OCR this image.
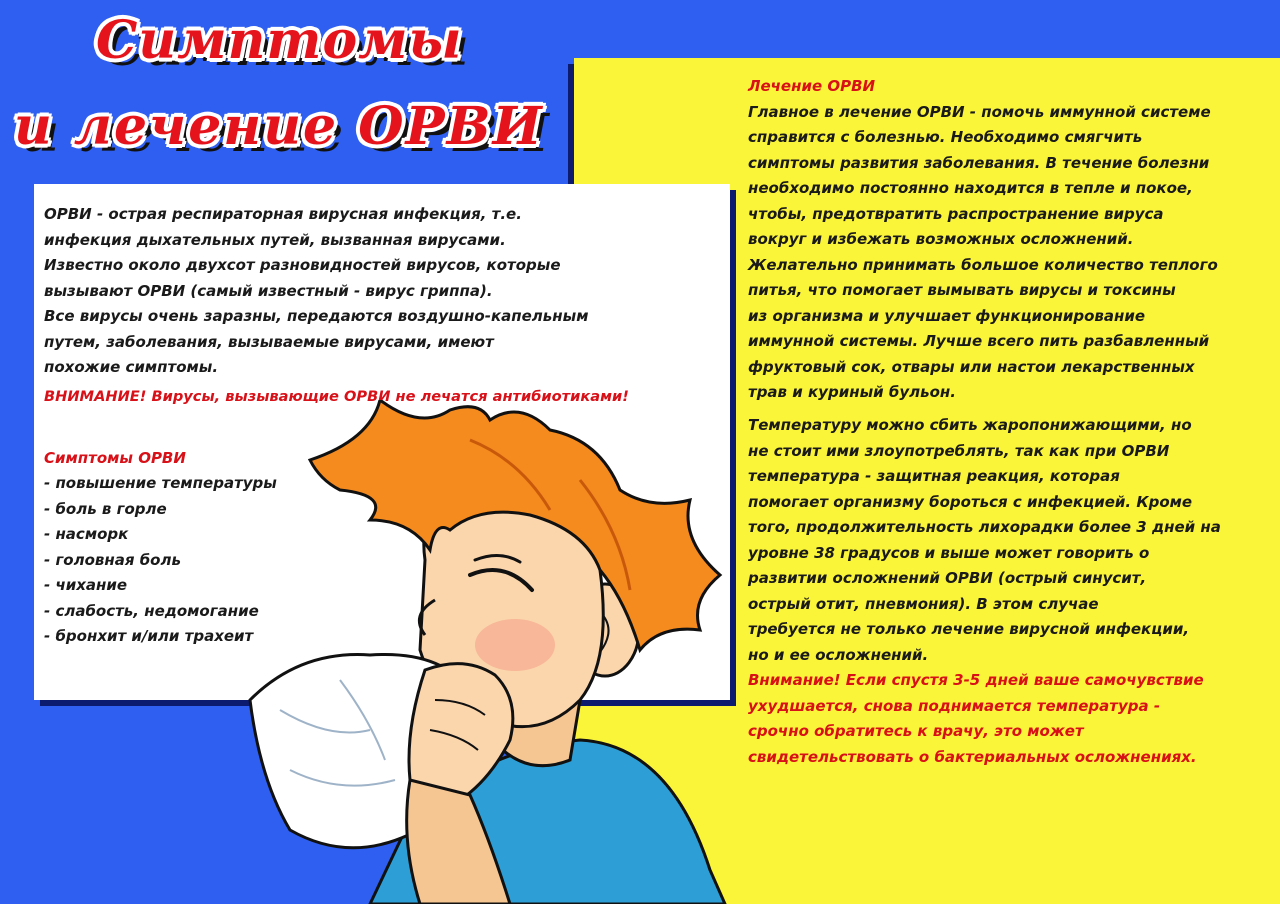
Симптомы
и лечение ОРВИ
ОРВИ - острая респираторная вирусная инфекция, т.е.
инфекция дыхательных путей, вызванная вирусами.
Известно около двухсот разновидностей вирусов, которые
вызывают ОРВИ (самый известный - вирус гриппа).
Все вирусы очень заразны, передаются воздушно-капельным
путем, заболевания, вызываемые вирусами, имеют
похожие симптомы.
ВНИМАНИЕ! Вирусы, вызывающие ОРВИ не лечатся антибиотиками!
Симптомы ОРВИ
- повышение температуры
- боль в горле
- насморк
- головная боль
- чихание
- слабость, недомогание
- бронхит и/или трахеит
Лечение ОРВИ
Главное в лечение ОРВИ - помочь иммунной системе
справится с болезнью. Необходимо смягчить
симптомы развития заболевания. В течение болезни
необходимо постоянно находится в тепле и покое,
чтобы, предотвратить распространение вируса
вокруг и избежать возможных осложнений.
Желательно принимать большое количество теплого
питья, что помогает вымывать вирусы и токсины
из организма и улучшает функционирование
иммунной системы. Лучше всего пить разбавленный
фруктовый сок, отвары или настои лекарственных
трав и куриный бульон.
Температуру можно сбить жаропонижающими, но
не стоит ими злоупотреблять, так как при ОРВИ
температура - защитная реакция, которая
помогает организму бороться с инфекцией. Кроме
того, продолжительность лихорадки более 3 дней на
уровне 38 градусов и выше может говорить о
развитии осложнений ОРВИ (острый синусит,
острый отит, пневмония). В этом случае
требуется не только лечение вирусной инфекции,
но и ее осложнений.
Внимание! Если спустя 3-5 дней ваше самочувствие
ухудшается, снова поднимается температура -
срочно обратитесь к врачу, это может
свидетельствовать о бактериальных осложнениях.
